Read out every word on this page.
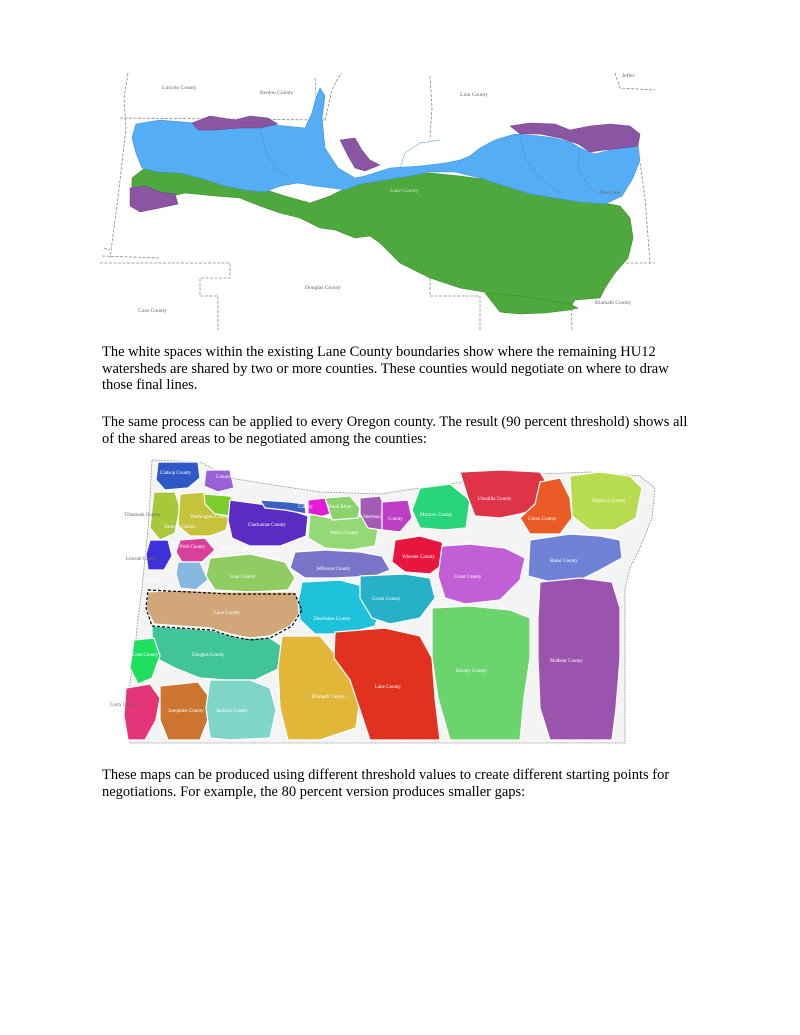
Lincoln County
Benton County	Linn County
Jeffer
Lane County	Deschute
Douglas County
Coos County
Klamath County

The white spaces within the existing Lane County boundaries show where the remaining HU12 watersheds are shared by two or more counties. These counties would negotiate on where to draw those final lines.

The same process can be applied to every Oregon county. The result (90 percent threshold) shows all of the shared areas to be negotiated among the counties:

Clatsop County
Columbia County
Tillamook County	Washington County
County	Hood River
Wasco County
Sherman County
Morrow County
Umatilla County
Union County
Wallowa County
Clackamas County
Marion County
Polk County
Yamhill County
Lincoln County
Benton
Linn County
Jefferson County
Wheeler County
Grant County
Baker County
Lane County
Crook County
Deschutes County
Douglas County
Coos County
Curry County
Josephine County Jackson County
Klamath County
Lake County
Harney County
Malheur County

These maps can be produced using different threshold values to create different starting points for negotiations. For example, the 80 percent version produces smaller gaps:
